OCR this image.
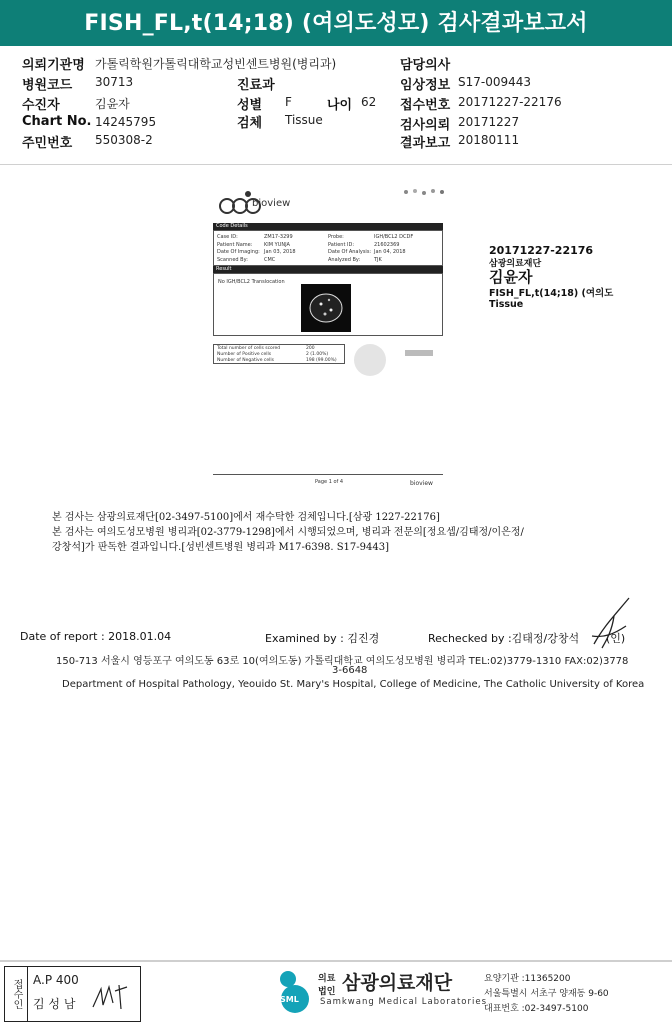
FISH_FL,t(14;18) (여의도성모) 검사결과보고서
의뢰기관명 가톨릭학원가톨릭대학교성빈센트병원(병리과)	담당의사
병원코드 30713	진료과	임상정보 S17-009443
수진자	김윤자	성별 F	나이 62 접수번호 20171227-22176
Chart No. 14245795	검체 Tissue	검사의뢰 20171227
주민번호 550308-2	결과보고 20180111
bioview
Code Details
Case ID:	ZM17-3299	Probe:	IGH/BCL2 DCDF
Patient Name: KIM YUNJA	Patient ID:	21602369
Date Of Imaging: Jan 03, 2018	Date Of Analysis: Jan 04, 2018
Scanned By:	CMC	Analyzed By:	TJK
Result
No IGH/BCL2 Translocation
Total number of cells scored	200
Number of Positive cells	2 (1.00%)
Number of Negative cells	198 (99.00%)
Page 1 of 4	bioview
20171227-22176
삼광의료재단
김윤자
FISH_FL,t(14;18) (여의도
Tissue
본 검사는 삼광의료재단[02-3497-5100]에서 재수탁한 검체입니다.[삼광 1227-22176]
본 검사는 여의도성모병원 병리과[02-3779-1298]에서 시행되었으며, 병리과 전문의[정요셉/김태정/이은정/
강창석]가 판독한 결과입니다.[성빈센트병원 병리과 M17-6398. S17-9443]
Date of report : 2018.01.04	Examined by : 김진경	Rechecked by :김태정/강창석 (인)
150-713 서울시 영등포구 여의도동 63로 10(여의도동) 가톨릭대학교 여의도성모병원 병리과 TEL:02)3779-1310 FAX:02)3778
3-6648
Department of Hospital Pathology, Yeouido St. Mary's Hospital, College of Medicine, The Catholic University of Korea
접수인 A.P 400
김 성 남	SML
의료
법인 삼광의료재단
Samkwang Medical Laboratories
요양기관 :11365200
서울특별시 서초구 양재동 9-60
대표번호 :02-3497-5100
